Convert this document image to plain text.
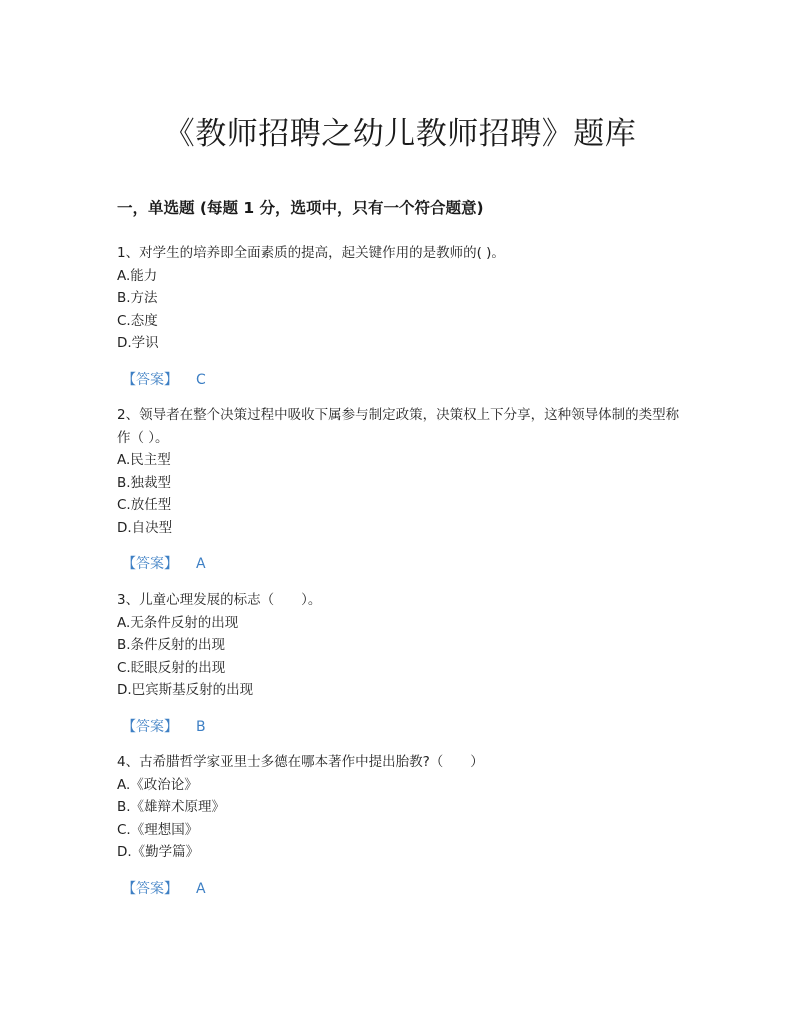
《教师招聘之幼儿教师招聘》题库
一，单选题 (每题 1 分，选项中，只有一个符合题意)

1、对学生的培养即全面素质的提高，起关键作用的是教师的( )。

A.能力

B.方法

C.态度

D.学识

【答案】 C

2、领导者在整个决策过程中吸收下属参与制定政策，决策权上下分享，这种领导体制的类型称作（ ）。

A.民主型

B.独裁型

C.放任型

D.自决型

【答案】 A

3、儿童心理发展的标志（　　）。

A.无条件反射的出现

B.条件反射的出现

C.眨眼反射的出现

D.巴宾斯基反射的出现

【答案】 B

4、古希腊哲学家亚里士多德在哪本著作中提出胎教?（　　）

A.《政治论》

B.《雄辩术原理》

C.《理想国》

D.《勤学篇》

【答案】 A
